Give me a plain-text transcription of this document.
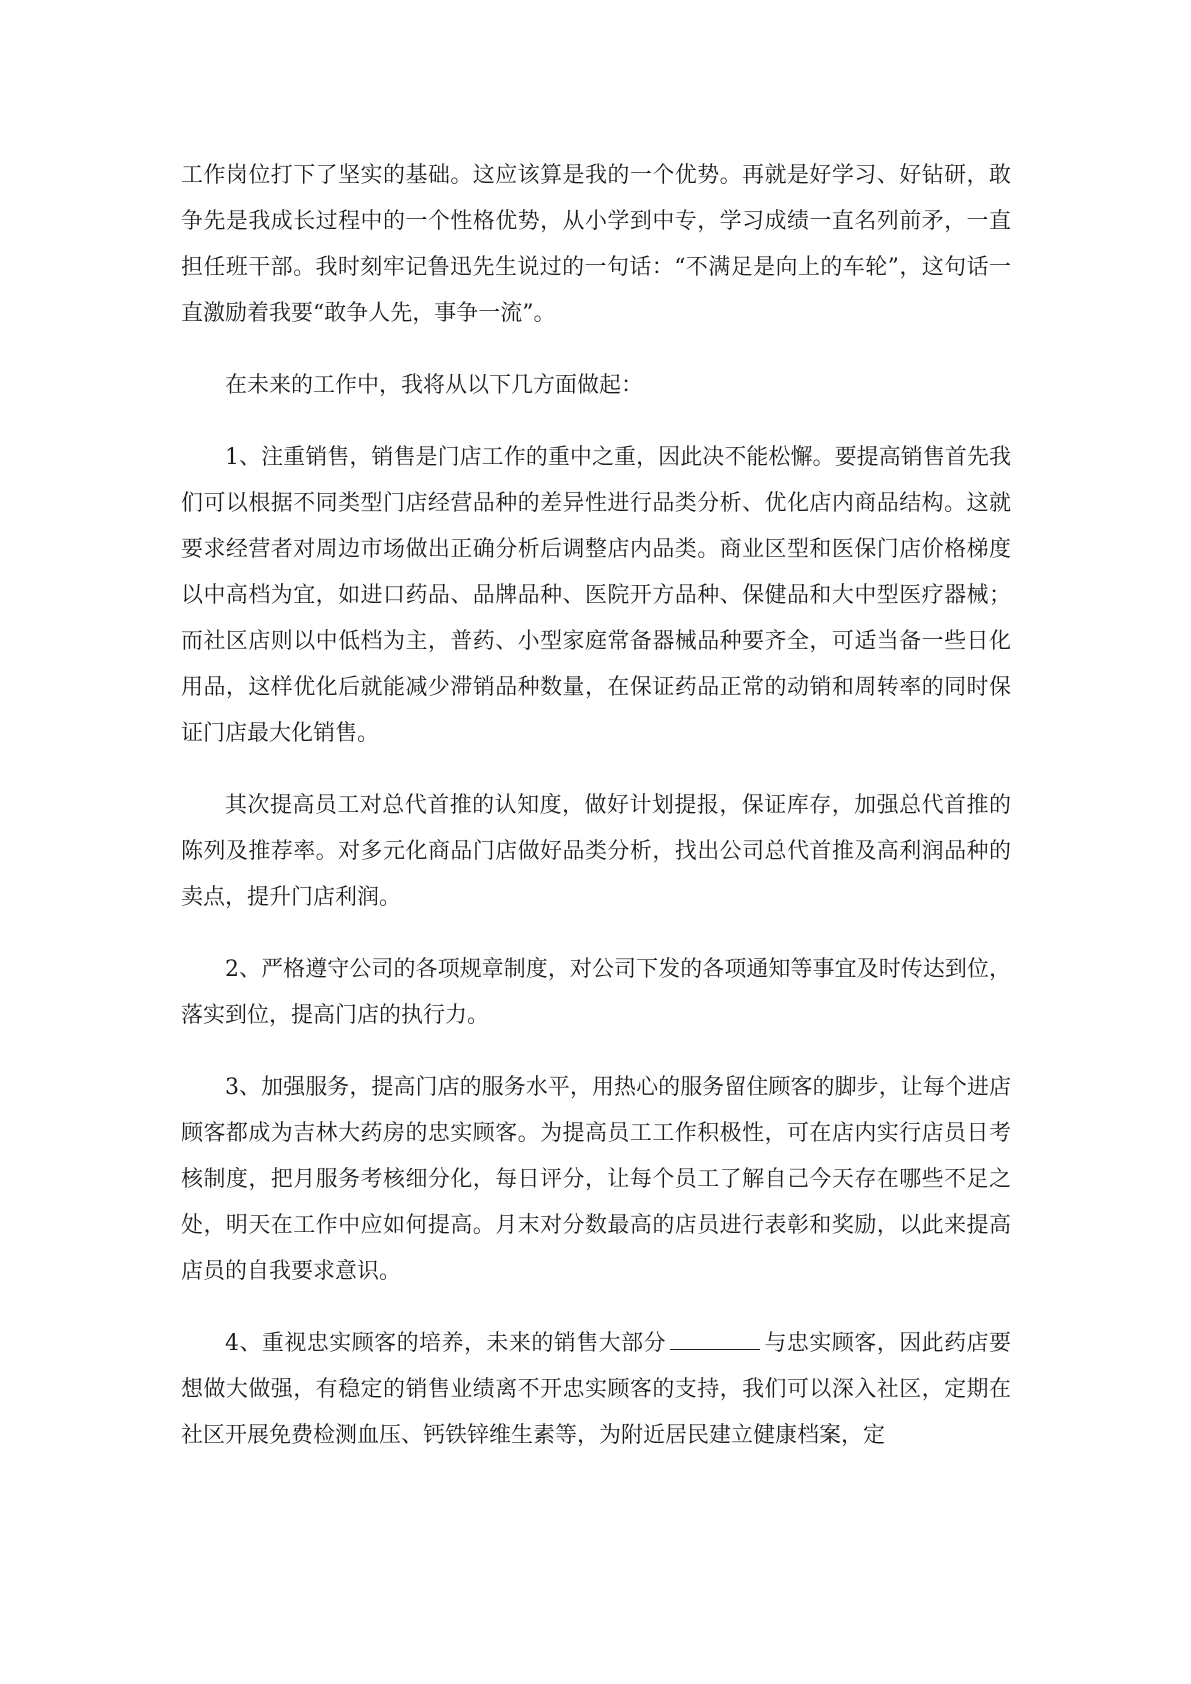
工作岗位打下了坚实的基础。这应该算是我的一个优势。再就是好学习、好钻研，敢争先是我成长过程中的一个性格优势，从小学到中专，学习成绩一直名列前矛，一直担任班干部。我时刻牢记鲁迅先生说过的一句话：“不满足是向上的车轮”，这句话一直激励着我要“敢争人先，事争一流”。

在未来的工作中，我将从以下几方面做起：

1、注重销售，销售是门店工作的重中之重，因此决不能松懈。要提高销售首先我们可以根据不同类型门店经营品种的差异性进行品类分析、优化店内商品结构。这就要求经营者对周边市场做出正确分析后调整店内品类。商业区型和医保门店价格梯度以中高档为宜，如进口药品、品牌品种、医院开方品种、保健品和大中型医疗器械；而社区店则以中低档为主，普药、小型家庭常备器械品种要齐全，可适当备一些日化用品，这样优化后就能减少滞销品种数量，在保证药品正常的动销和周转率的同时保证门店最大化销售。

其次提高员工对总代首推的认知度，做好计划提报，保证库存，加强总代首推的陈列及推荐率。对多元化商品门店做好品类分析，找出公司总代首推及高利润品种的卖点，提升门店利润。

2、严格遵守公司的各项规章制度，对公司下发的各项通知等事宜及时传达到位，落实到位，提高门店的执行力。

3、加强服务，提高门店的服务水平，用热心的服务留住顾客的脚步，让每个进店顾客都成为吉林大药房的忠实顾客。为提高员工工作积极性，可在店内实行店员日考核制度，把月服务考核细分化，每日评分，让每个员工了解自己今天存在哪些不足之处，明天在工作中应如何提高。月末对分数最高的店员进行表彰和奖励，以此来提高店员的自我要求意识。

4、重视忠实顾客的培养，未来的销售大部分	与忠实顾客，因此药店要想做大做强，有稳定的销售业绩离不开忠实顾客的支持，我们可以深入社区，定期在社区开展免费检测血压、钙铁锌维生素等，为附近居民建立健康档案，定
